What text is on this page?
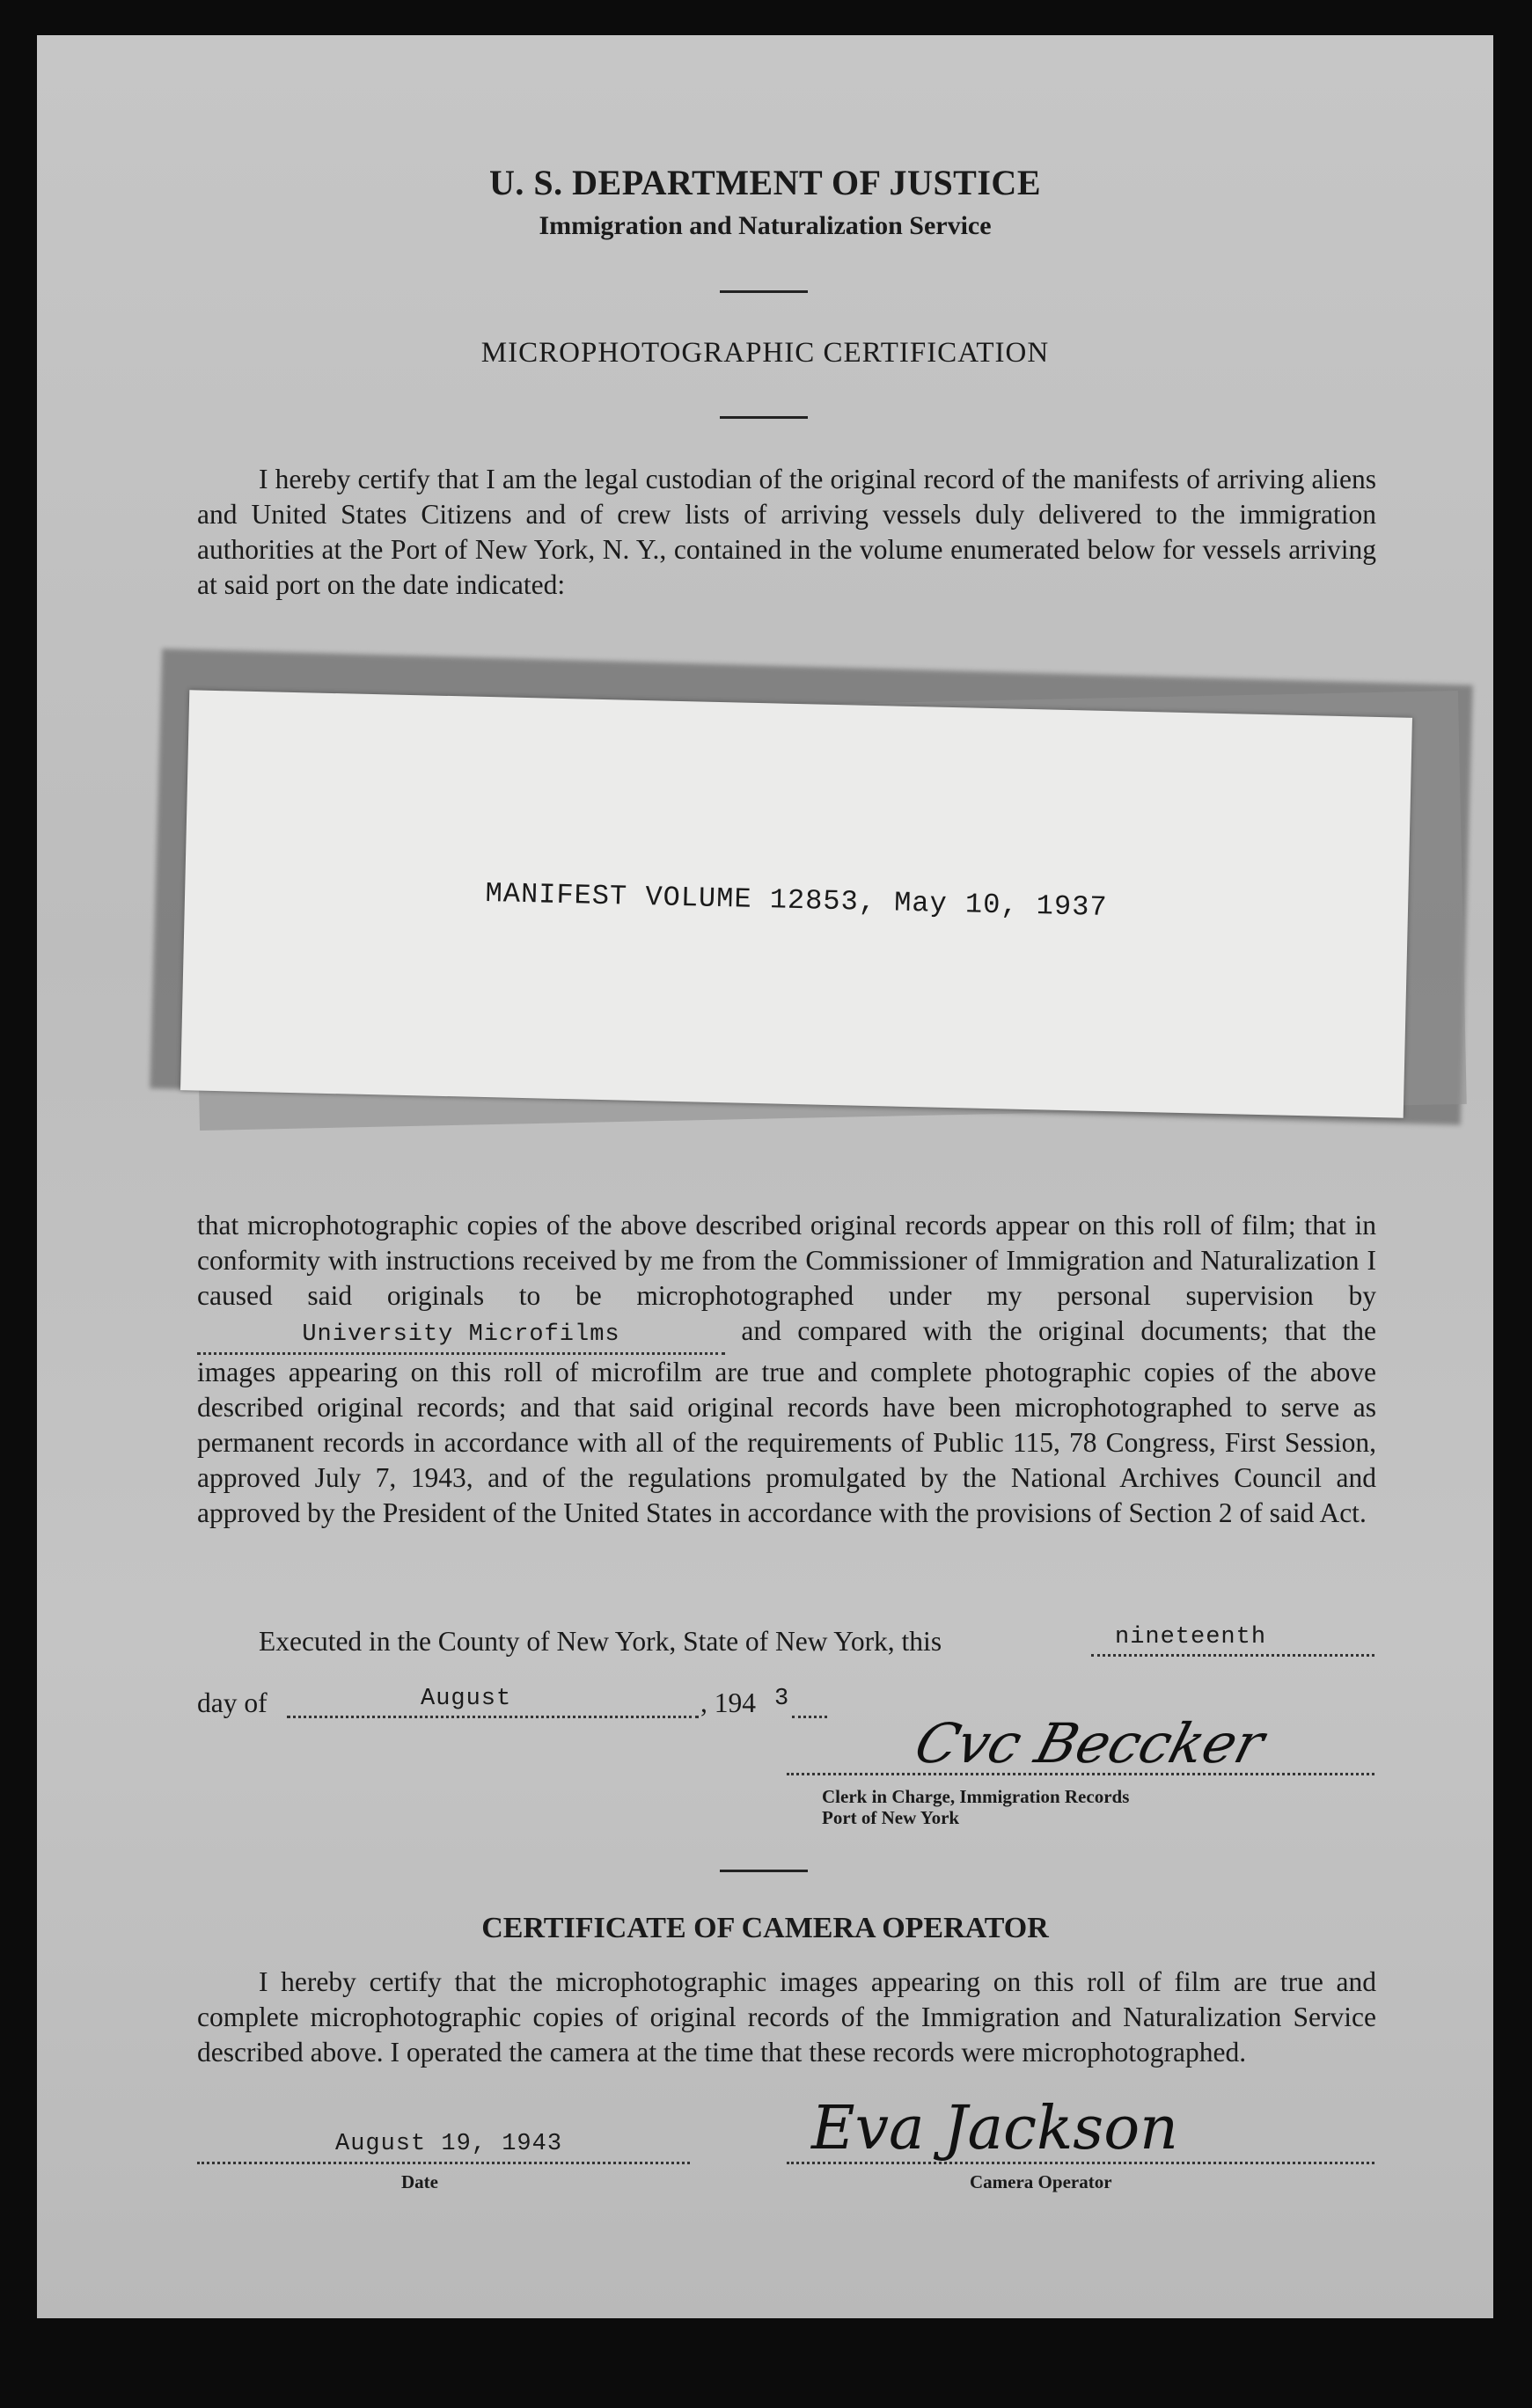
U. S. DEPARTMENT OF JUSTICE
Immigration and Naturalization Service
MICROPHOTOGRAPHIC CERTIFICATION
I hereby certify that I am the legal custodian of the original record of the manifests of arriving aliens and United States Citizens and of crew lists of arriving vessels duly delivered to the immigration authorities at the Port of New York, N. Y., contained in the volume enumerated below for vessels arriving at said port on the date indicated:
MANIFEST VOLUME 12853, May 10, 1937
that microphotographic copies of the above described original records appear on this roll of film; that in conformity with instructions received by me from the Commissioner of Immigration and Naturalization I caused said originals to be microphotographed under my personal supervision byUniversity Microfilms	and compared with the original documents; that the images appearing on this roll of microfilm are true and complete photographic copies of the above described original records; and that said original records have been microphotographed to serve as permanent records in accordance with all of the requirements of Public 115, 78 Congress, First Session, approved July 7, 1943, and of the regulations promulgated by the National Archives Council and approved by the President of the United States in accordance with the provisions of Section 2 of said Act.
Executed in the County of New York, State of New York, this	nineteenth
day of	August	, 194 3
Cvc Beccker
Clerk in Charge, Immigration Records
Port of New York
CERTIFICATE OF CAMERA OPERATOR
I hereby certify that the microphotographic images appearing on this roll of film are true and complete microphotographic copies of original records of the Immigration and Naturalization Service described above. I operated the camera at the time that these records were microphotographed.
August 19, 1943
Date
Eva Jackson
Camera Operator
